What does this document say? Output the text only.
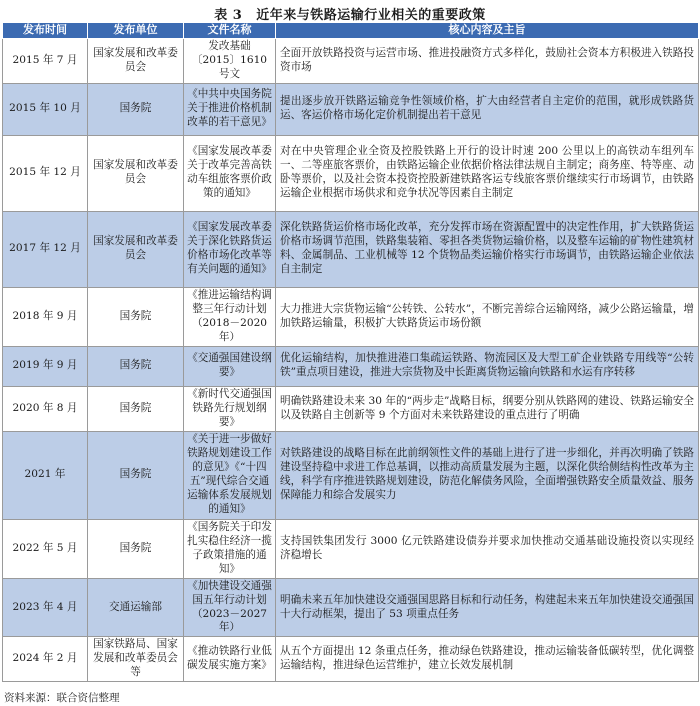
表 3 近年来与铁路运输行业相关的重要政策
发布时间	发布单位	文件名称	核心内容及主旨
2015 年 7 月	国家发展和改革委员会	发改基础〔2015〕1610 号文	全面开放铁路投资与运营市场、推进投融资方式多样化，鼓励社会资本方积极进入铁路投资市场
2015 年 10 月	国务院	《中共中央国务院关于推进价格机制改革的若干意见》	提出逐步放开铁路运输竞争性领域价格，扩大由经营者自主定价的范围，就形成铁路货运、客运价格市场化定价机制提出若干意见
2015 年 12 月	国家发展和改革委员会	《国家发展改革委关于改革完善高铁动车组旅客票价政策的通知》	对在中央管理企业全资及控股铁路上开行的设计时速 200 公里以上的高铁动车组列车一、二等座旅客票价，由铁路运输企业依据价格法律法规自主制定；商务座、特等座、动卧等票价，以及社会资本投资控股新建铁路客运专线旅客票价继续实行市场调节，由铁路运输企业根据市场供求和竞争状况等因素自主制定
2017 年 12 月	国家发展和改革委员会	《国家发展改革委关于深化铁路货运价格市场化改革等有关问题的通知》	深化铁路货运价格市场化改革，充分发挥市场在资源配置中的决定性作用，扩大铁路货运价格市场调节范围，铁路集装箱、零担各类货物运输价格，以及整车运输的矿物性建筑材料、金属制品、工业机械等 12 个货物品类运输价格实行市场调节，由铁路运输企业依法自主制定
2018 年 9 月	国务院	《推进运输结构调整三年行动计划（2018－2020 年）	大力推进大宗货物运输“公转铁、公转水”，不断完善综合运输网络，减少公路运输量，增加铁路运输量，积极扩大铁路货运市场份额
2019 年 9 月	国务院	《交通强国建设纲要》	优化运输结构，加快推进港口集疏运铁路、物流园区及大型工矿企业铁路专用线等“公转铁”重点项目建设，推进大宗货物及中长距离货物运输向铁路和水运有序转移
2020 年 8 月	国务院	《新时代交通强国铁路先行规划纲要》	明确铁路建设未来 30 年的“两步走”战略目标，纲要分别从铁路网的建设、铁路运输安全以及铁路自主创新等 9 个方面对未来铁路建设的重点进行了明确
2021 年	国务院	《关于进一步做好铁路规划建设工作的意见》《“十四五”现代综合交通运输体系发展规划的通知》	对铁路建设的战略目标在此前纲领性文件的基础上进行了进一步细化，并再次明确了铁路建设坚持稳中求进工作总基调，以推动高质量发展为主题，以深化供给侧结构性改革为主线，科学有序推进铁路规划建设，防范化解债务风险，全面增强铁路安全质量效益、服务保障能力和综合发展实力
2022 年 5 月	国务院	《国务院关于印发扎实稳住经济一揽子政策措施的通知》	支持国铁集团发行 3000 亿元铁路建设债券并要求加快推动交通基础设施投资以实现经济稳增长
2023 年 4 月	交通运输部	《加快建设交通强国五年行动计划（2023－2027 年）	明确未来五年加快建设交通强国思路目标和行动任务，构建起未来五年加快建设交通强国十大行动框架，提出了 53 项重点任务
2024 年 2 月	国家铁路局、国家发展和改革委员会等	《推动铁路行业低碳发展实施方案》	从五个方面提出 12 条重点任务，推动绿色铁路建设，推动运输装备低碳转型，优化调整运输结构，推进绿色运营维护，建立长效发展机制
资料来源：联合资信整理
